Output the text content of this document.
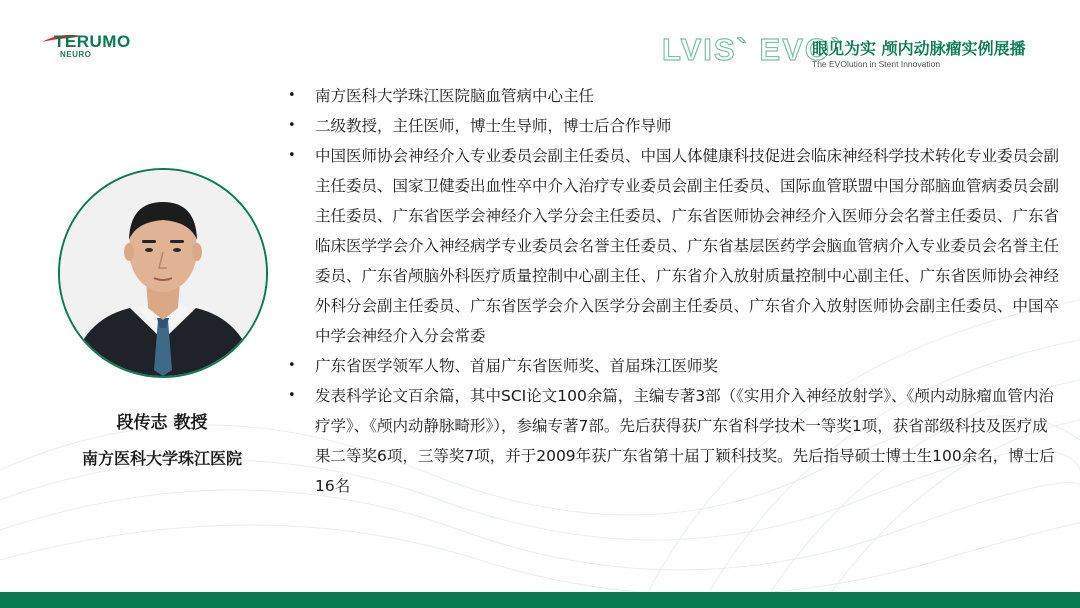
TERUMO
NEURO	LVIS` EVO`
眼见为实 颅内动脉瘤实例展播
The EVOlution in Stent Innovation
段传志 教授
南方医科大学珠江医院
• 南方医科大学珠江医院脑血管病中心主任
• 二级教授，主任医师，博士生导师，博士后合作导师
• 中国医师协会神经介入专业委员会副主任委员、中国人体健康科技促进会临床神经科学技术转化专业委员会副主任委员、国家卫健委出血性卒中介入治疗专业委员会副主任委员、国际血管联盟中国分部脑血管病委员会副主任委员、广东省医学会神经介入学分会主任委员、广东省医师协会神经介入医师分会名誉主任委员、广东省临床医学学会介入神经病学专业委员会名誉主任委员、广东省基层医药学会脑血管病介入专业委员会名誉主任委员、广东省颅脑外科医疗质量控制中心副主任、广东省介入放射质量控制中心副主任、广东省医师协会神经外科分会副主任委员、广东省医学会介入医学分会副主任委员、广东省介入放射医师协会副主任委员、中国卒中学会神经介入分会常委
• 广东省医学领军人物、首届广东省医师奖、首届珠江医师奖
• 发表科学论文百余篇，其中SCI论文100余篇，主编专著3部（《实用介入神经放射学》、《颅内动脉瘤血管内治疗学》、《颅内动静脉畸形》），参编专著7部。先后获得获广东省科学技术一等奖1项，获省部级科技及医疗成果二等奖6项，三等奖7项，并于2009年获广东省第十届丁颖科技奖。先后指导硕士博士生100余名，博士后16名
